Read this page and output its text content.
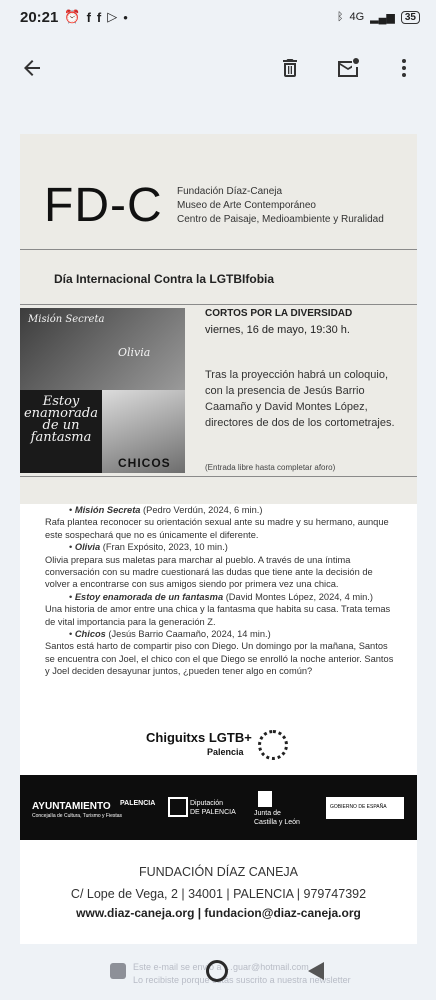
20:21 ⏰ f f ▷ •	ᛒ 4G ▂▄▆	35
FD-C Fundación Díaz-Caneja
Museo de Arte Contemporáneo
Centro de Paisaje, Medioambiente y Ruralidad
Día Internacional Contra la LGTBIfobia
Misión Secreta
Olivia
Estoy enamorada de un fantasma
CHICOS
CORTOS POR LA DIVERSIDAD
viernes, 16 de mayo, 19:30 h.
Tras la proyección habrá un coloquio, con la presencia de Jesús Barrio Caamaño y David Montes López, directores de dos de los cortometrajes.
(Entrada libre hasta completar aforo)

• Misión Secreta (Pedro Verdún, 2024, 6 min.)

Rafa plantea reconocer su orientación sexual ante su madre y su hermano, aunque este sospechará que no es únicamente el diferente.

• Olivia (Fran Expósito, 2023, 10 min.)

Olivia prepara sus maletas para marchar al pueblo. A través de una íntima conversación con su madre cuestionará las dudas que tiene ante la decisión de volver a encontrarse con sus amigos siendo por primera vez una chica.

• Estoy enamorada de un fantasma (David Montes López, 2024, 4 min.)

Una historia de amor entre una chica y la fantasma que habita su casa. Trata temas de vital importancia para la generación Z.

• Chicos (Jesús Barrio Caamaño, 2024, 14 min.)

Santos está harto de compartir piso con Diego. Un domingo por la mañana, Santos se encuentra con Joel, el chico con el que Diego se enrolló la noche anterior. Santos y Joel deciden desayunar juntos, ¿pueden tener algo en común?

Chiguitxs LGTB+
Palencia
AYUNTAMIENTO
Concejalía de Cultura, Turismo y Fiestas
PALENCIA	Diputación
DE PALENCIA	Junta de
Castilla y León
GOBIERNO DE ESPAÑA
FUNDACIÓN DÍAZ CANEJA
C/ Lope de Vega, 2 | 34001 | PALENCIA | 979747392
www.diaz-caneja.org | fundacion@diaz-caneja.org
Este e-mail se envió a …guar@hotmail.com
Lo recibiste porque estás suscrito a nuestra newsletter
